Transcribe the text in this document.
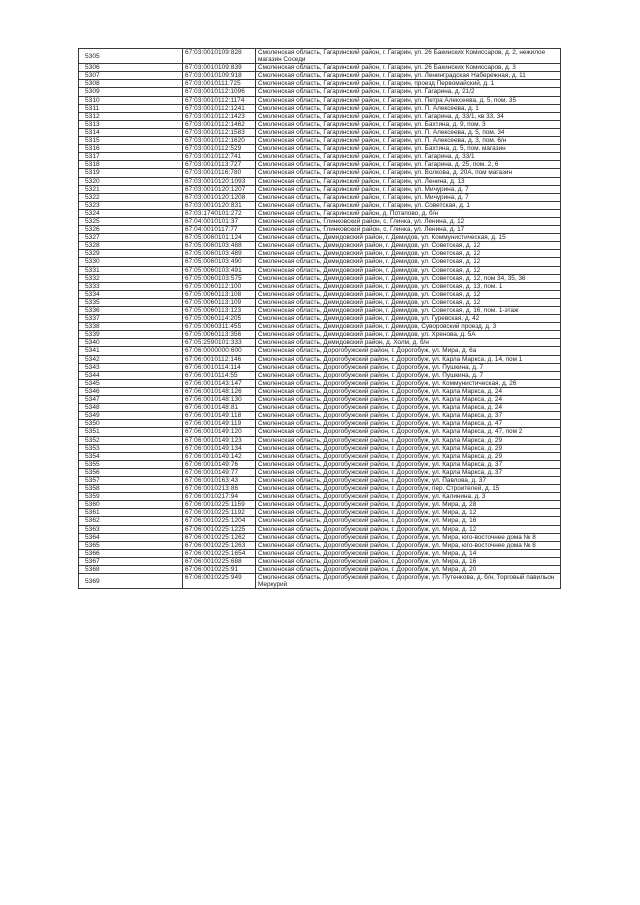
5305	67:03:0010109:828	Смоленская область, Гагаринский район, г. Гагарин, ул. 26 Бакинских Комиссаров, д. 2, нежилое магазин Соседи
5306	67:03:0010109:839	Смоленская область, Гагаринский район, г. Гагарин, ул. 26 Бакинских Комиссаров, д. 3
5307	67:03:0010109:918	Смоленская область, Гагаринский район, г. Гагарин, ул. Ленинградская Набережная, д. 11
5308	67:03:0010111:725	Смоленская область, Гагаринский район, г. Гагарин, проезд Первомайский, д. 1
5309	67:03:0010112:1096	Смоленская область, Гагаринский район, г. Гагарин, ул. Гагарина, д. 21/2
5310	67:03:0010112:1174	Смоленская область, Гагаринский район, г. Гагарин, ул. Петра Алексеева, д. 5, пом. 35
5311	67:03:0010112:1241	Смоленская область, Гагаринский район, г. Гагарин, ул. П. Алексеева, д. 1
5312	67:03:0010112:1423	Смоленская область, Гагаринский район, г. Гагарин, ул. Гагарина, д. 33/1, кв 33, 34
5313	67:03:0010112:1462	Смоленская область, Гагаринский район, г. Гагарин, ул. Бахтина, д. 9, пом. 3
5314	67:03:0010112:1583	Смоленская область, Гагаринский район, г. Гагарин, ул. П. Алексеева, д. 5, пом. 34
5315	67:03:0010112:1620	Смоленская область, Гагаринский район, г. Гагарин, ул. П. Алексеева, д. 3, пом. 6/н
5316	67:03:0010112:529	Смоленская область, Гагаринский район, г. Гагарин, ул. Бахтина, д. 5, пом. магазин
5317	67:03:0010112:741	Смоленская область, Гагаринский район, г. Гагарин, ул. Гагарина, д. 33/1
5318	67:03:0010113:727	Смоленская область, Гагаринский район, г. Гагарин, ул. Гагарина, д. 25, пом. 2, 6
5319	67:03:0010116:780	Смоленская область, Гагаринский район, г. Гагарин, ул. Волкова, д. 20А, пом магазин
5320	67:03:0010120:1093	Смоленская область, Гагаринский район, г. Гагарин, ул. Ленина, д. 13
5321	67:03:0010120:1207	Смоленская область, Гагаринский район, г. Гагарин, ул. Мичурина, д. 7
5322	67:03:0010120:1208	Смоленская область, Гагаринский район, г. Гагарин, ул. Мичурина, д. 7
5323	67:03:0010120:831	Смоленская область, Гагаринский район, г. Гагарин, ул. Советская, д. 1
5324	67:03:1740101:272	Смоленская область, Гагаринский район, д. Потапово, д. б/н
5325	67:04:0010101:37	Смоленская область, Глинковский район, с. Глинка, ул. Ленина, д. 12
5326	67:04:0010117:77	Смоленская область, Глинковский район, с. Глинка, ул. Ленина, д. 17
5327	67:05:0060101:124	Смоленская область, Демидовский район, г. Демидов, ул. Коммунистическая, д. 15
5328	67:05:0060103:488	Смоленская область, Демидовский район, г. Демидов, ул. Советская, д. 12
5329	67:05:0060103:489	Смоленская область, Демидовский район, г. Демидов, ул. Советская, д. 12
5330	67:05:0060103:490	Смоленская область, Демидовский район, г. Демидов, ул. Советская, д. 12
5331	67:05:0060103:491	Смоленская область, Демидовский район, г. Демидов, ул. Советская, д. 12
5332	67:05:0060103:575	Смоленская область, Демидовский район, г. Демидов, ул. Советская, д. 12, пом 34, 35, 36
5333	67:05:0060112:100	Смоленская область, Демидовский район, г. Демидов, ул. Советская, д. 13, пом. 1
5334	67:05:0060113:108	Смоленская область, Демидовский район, г. Демидов, ул. Советская, д. 12
5335	67:05:0060113:109	Смоленская область, Демидовский район, г. Демидов, ул. Советская, д. 12
5336	67:05:0060113:123	Смоленская область, Демидовский район, г. Демидов, ул. Советская, д. 16, пом. 1-этаж
5337	67:05:0060114:205	Смоленская область, Демидовский район, г. Демидов, ул. Гуревская, д. 42
5338	67:05:0060311:455	Смоленская область, Демидовский район, г. Демидов, Суворовский проезд, д. 3
5339	67:05:0060113:356	Смоленская область, Демидовский район, г. Демидов, ул. Хренова, д. 5А
5340	67:05:2590101:333	Смоленская область, Демидовский район, д. Холм, д. б/н
5341	67:06:0000000:600	Смоленская область, Дорогобужский район, г. Дорогобуж, ул. Мира, д. 6а
5342	67:06:0010112:146	Смоленская область, Дорогобужский район, г. Дорогобуж, ул. Карла Маркса, д. 14, пом 1
5343	67:06:0010114:114	Смоленская область, Дорогобужский район, г. Дорогобуж, ул. Пушкина, д. 7
5344	67:06:0010114:55	Смоленская область, Дорогобужский район, г. Дорогобуж, ул. Пушкина, д. 7
5345	67:06:0010143:147	Смоленская область, Дорогобужский район, г. Дорогобуж, ул. Коммунистическая, д. 26
5346	67:06:0010148:126	Смоленская область, Дорогобужский район, г. Дорогобуж, ул. Карла Маркса, д. 24
5347	67:06:0010148:130	Смоленская область, Дорогобужский район, г. Дорогобуж, ул. Карла Маркса, д. 24
5348	67:06:0010148:81	Смоленская область, Дорогобужский район, г. Дорогобуж, ул. Карла Маркса, д. 24
5349	67:06:0010149:118	Смоленская область, Дорогобужский район, г. Дорогобуж, ул. Карла Маркса, д. 37
5350	67:06:0010149:119	Смоленская область, Дорогобужский район, г. Дорогобуж, ул. Карла Маркса, д. 47
5351	67:06:0010149:120	Смоленская область, Дорогобужский район, г. Дорогобуж, ул. Карла Маркса, д. 47, пом 2
5352	67:06:0010149:123	Смоленская область, Дорогобужский район, г. Дорогобуж, ул. Карла Маркса, д. 29
5353	67:06:0010149:134	Смоленская область, Дорогобужский район, г. Дорогобуж, ул. Карла Маркса, д. 29
5354	67:06:0010149:142	Смоленская область, Дорогобужский район, г. Дорогобуж, ул. Карла Маркса, д. 29
5355	67:06:0010149:76	Смоленская область, Дорогобужский район, г. Дорогобуж, ул. Карла Маркса, д. 37
5356	67:06:0010149:77	Смоленская область, Дорогобужский район, г. Дорогобуж, ул. Карла Маркса, д. 37
5357	67:06:0010163:43	Смоленская область, Дорогобужский район, г. Дорогобуж, ул. Павлова, д. 37
5358	67:06:0010213:86	Смоленская область, Дорогобужский район, г. Дорогобуж, пер. Строителей, д. 15
5359	67:06:0010217:94	Смоленская область, Дорогобужский район, г. Дорогобуж, ул. Калинина, д. 3
5360	67:06:0010225:1159	Смоленская область, Дорогобужский район, г. Дорогобуж, ул. Мира, д. 28
5361	67:06:0010225:1192	Смоленская область, Дорогобужский район, г. Дорогобуж, ул. Мира, д. 12
5362	67:06:0010225:1204	Смоленская область, Дорогобужский район, г. Дорогобуж, ул. Мира, д. 16
5363	67:06:0010225:1225	Смоленская область, Дорогобужский район, г. Дорогобуж, ул. Мира, д. 12
5364	67:06:0010225:1262	Смоленская область, Дорогобужский район, г. Дорогобуж, ул. Мира, юго-восточнее дома № 8
5365	67:06:0010225:1263	Смоленская область, Дорогобужский район, г. Дорогобуж, ул. Мира, юго-восточнее дома № 8
5366	67:06:0010225:1654	Смоленская область, Дорогобужский район, г. Дорогобуж, ул. Мира, д. 14
5367	67:06:0010225:688	Смоленская область, Дорогобужский район, г. Дорогобуж, ул. Мира, д. 16
5368	67:06:0010225:91	Смоленская область, Дорогобужский район, г. Дорогобуж, ул. Мира, д. 20
5369	67:06:0010225:949	Смоленская область, Дорогобужский район, г. Дорогобуж, ул. Путенкова, д. б/н, Торговый павильон Меркурий
